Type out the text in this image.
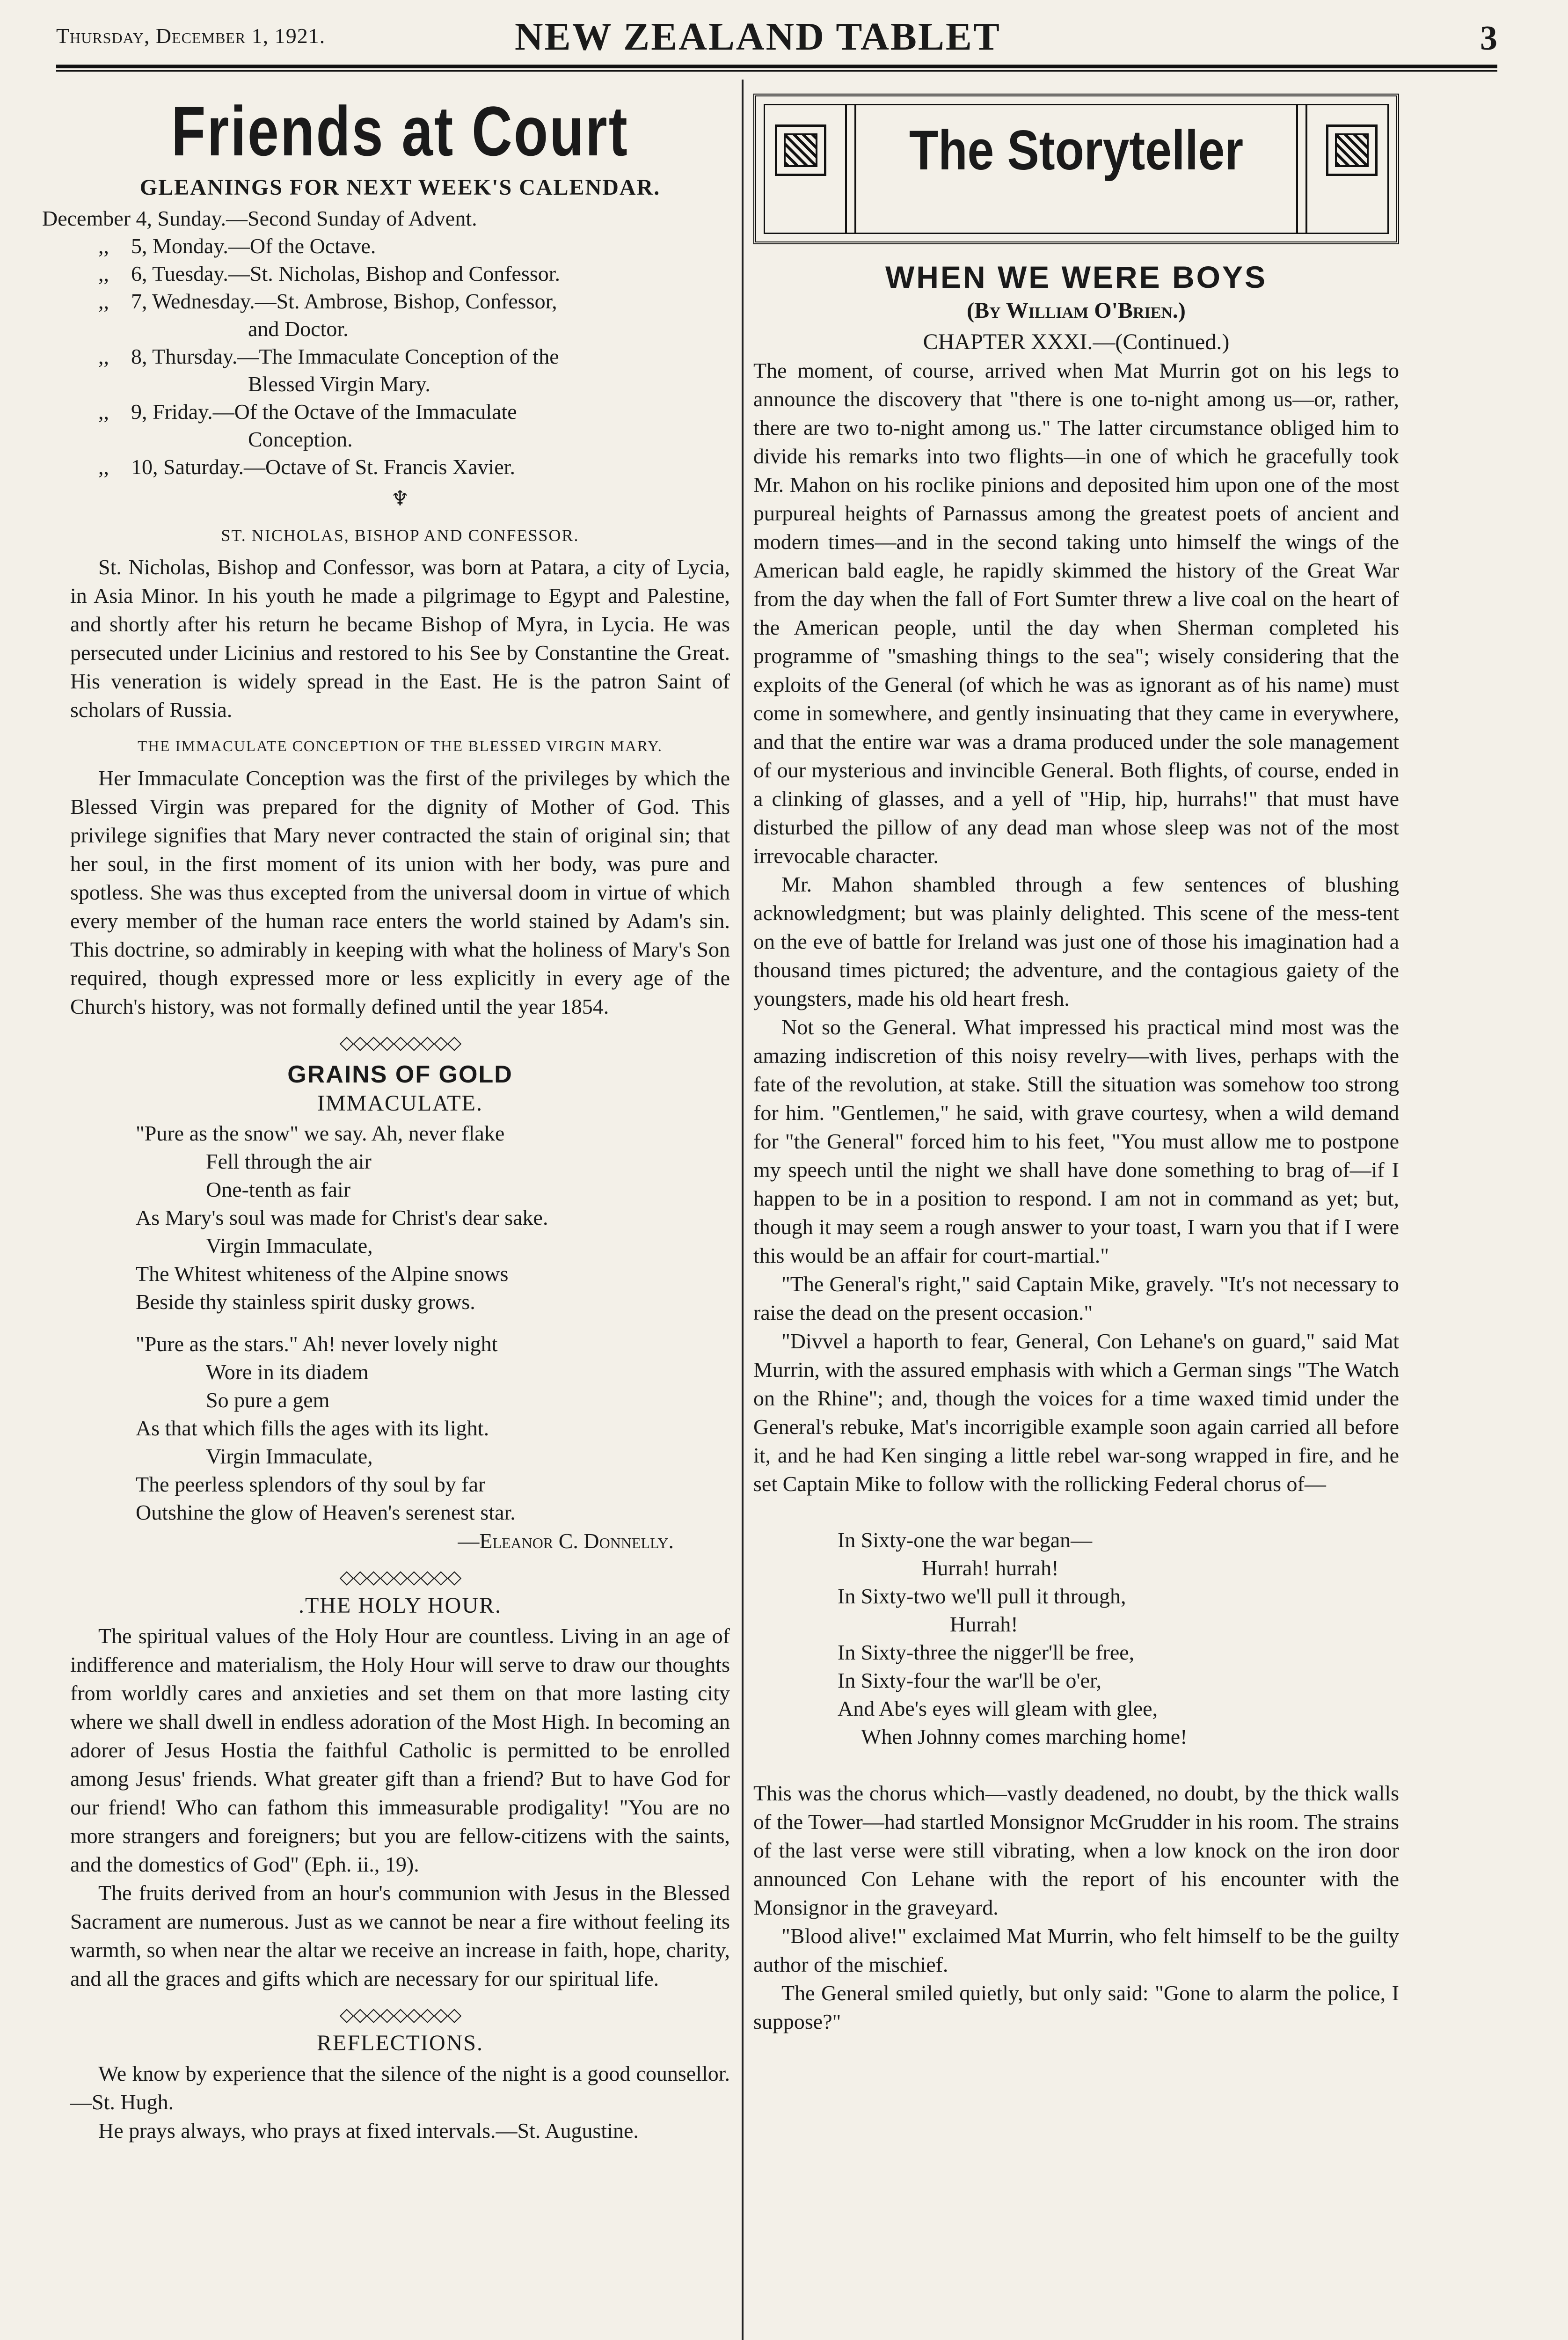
Thursday, December 1, 1921.	NEW ZEALAND TABLET	3
Friends at Court
GLEANINGS FOR NEXT WEEK'S CALENDAR.
December 4, Sunday.—Second Sunday of Advent.
,,	5, Monday.—Of the Octave.
,,	6, Tuesday.—St. Nicholas, Bishop and Confessor.
,,	7, Wednesday.—St. Ambrose, Bishop, Confessor,
and Doctor.
,,	8, Thursday.—The Immaculate Conception of the
Blessed Virgin Mary.
,,	9, Friday.—Of the Octave of the Immaculate
Conception.
,,	10, Saturday.—Octave of St. Francis Xavier.
♆
ST. NICHOLAS, BISHOP AND CONFESSOR.

St. Nicholas, Bishop and Confessor, was born at Patara, a city of Lycia, in Asia Minor. In his youth he made a pilgrimage to Egypt and Palestine, and shortly after his return he became Bishop of Myra, in Lycia. He was persecuted under Licinius and restored to his See by Constantine the Great. His veneration is widely spread in the East. He is the patron Saint of scholars of Russia.

THE IMMACULATE CONCEPTION OF THE BLESSED VIRGIN MARY.

Her Immaculate Conception was the first of the privileges by which the Blessed Virgin was prepared for the dignity of Mother of God. This privilege signifies that Mary never contracted the stain of original sin; that her soul, in the first moment of its union with her body, was pure and spotless. She was thus excepted from the universal doom in virtue of which every member of the human race enters the world stained by Adam's sin. This doctrine, so admirably in keeping with what the holiness of Mary's Son required, though expressed more or less explicitly in every age of the Church's history, was not formally defined until the year 1854.

◇◇◇◇◇◇◇◇◇
GRAINS OF GOLD
IMMACULATE.
"Pure as the snow" we say. Ah, never flake
Fell through the air
One-tenth as fair
As Mary's soul was made for Christ's dear sake.
Virgin Immaculate,
The Whitest whiteness of the Alpine snows
Beside thy stainless spirit dusky grows.
"Pure as the stars." Ah! never lovely night
Wore in its diadem
So pure a gem
As that which fills the ages with its light.
Virgin Immaculate,
The peerless splendors of thy soul by far
Outshine the glow of Heaven's serenest star.
—Eleanor C. Donnelly.
◇◇◇◇◇◇◇◇◇
.THE HOLY HOUR.

The spiritual values of the Holy Hour are countless. Living in an age of indifference and materialism, the Holy Hour will serve to draw our thoughts from worldly cares and anxieties and set them on that more lasting city where we shall dwell in endless adoration of the Most High. In becoming an adorer of Jesus Hostia the faithful Catholic is permitted to be enrolled among Jesus' friends. What greater gift than a friend? But to have God for our friend! Who can fathom this immeasurable prodigality! "You are no more strangers and foreigners; but you are fellow-citizens with the saints, and the domestics of God" (Eph. ii., 19).

The fruits derived from an hour's communion with Jesus in the Blessed Sacrament are numerous. Just as we cannot be near a fire without feeling its warmth, so when near the altar we receive an increase in faith, hope, charity, and all the graces and gifts which are necessary for our spiritual life.

◇◇◇◇◇◇◇◇◇
REFLECTIONS.

We know by experience that the silence of the night is a good counsellor.—St. Hugh.

He prays always, who prays at fixed intervals.—St. Augustine.

The Storyteller
WHEN WE WERE BOYS
(By William O'Brien.)
CHAPTER XXXI.—(Continued.)

The moment, of course, arrived when Mat Murrin got on his legs to announce the discovery that "there is one to-night among us—or, rather, there are two to-night among us." The latter circumstance obliged him to divide his remarks into two flights—in one of which he gracefully took Mr. Mahon on his roclike pinions and deposited him upon one of the most purpureal heights of Parnassus among the greatest poets of ancient and modern times—and in the second taking unto himself the wings of the American bald eagle, he rapidly skimmed the history of the Great War from the day when the fall of Fort Sumter threw a live coal on the heart of the American people, until the day when Sherman completed his programme of "smashing things to the sea"; wisely considering that the exploits of the General (of which he was as ignorant as of his name) must come in somewhere, and gently insinuating that they came in everywhere, and that the entire war was a drama produced under the sole management of our mysterious and invincible General. Both flights, of course, ended in a clinking of glasses, and a yell of "Hip, hip, hurrahs!" that must have disturbed the pillow of any dead man whose sleep was not of the most irrevocable character.

Mr. Mahon shambled through a few sentences of blushing acknowledgment; but was plainly delighted. This scene of the mess-tent on the eve of battle for Ireland was just one of those his imagination had a thousand times pictured; the adventure, and the contagious gaiety of the youngsters, made his old heart fresh.

Not so the General. What impressed his practical mind most was the amazing indiscretion of this noisy revelry—with lives, perhaps with the fate of the revolution, at stake. Still the situation was somehow too strong for him. "Gentlemen," he said, with grave courtesy, when a wild demand for "the General" forced him to his feet, "You must allow me to postpone my speech until the night we shall have done something to brag of—if I happen to be in a position to respond. I am not in command as yet; but, though it may seem a rough answer to your toast, I warn you that if I were this would be an affair for court-martial."

"The General's right," said Captain Mike, gravely. "It's not necessary to raise the dead on the present occasion."

"Divvel a haporth to fear, General, Con Lehane's on guard," said Mat Murrin, with the assured emphasis with which a German sings "The Watch on the Rhine"; and, though the voices for a time waxed timid under the General's rebuke, Mat's incorrigible example soon again carried all before it, and he had Ken singing a little rebel war-song wrapped in fire, and he set Captain Mike to follow with the rollicking Federal chorus of—

In Sixty-one the war began—
Hurrah! hurrah!
In Sixty-two we'll pull it through,
Hurrah!
In Sixty-three the nigger'll be free,
In Sixty-four the war'll be o'er,
And Abe's eyes will gleam with glee,
When Johnny comes marching home!

This was the chorus which—vastly deadened, no doubt, by the thick walls of the Tower—had startled Monsignor McGrudder in his room. The strains of the last verse were still vibrating, when a low knock on the iron door announced Con Lehane with the report of his encounter with the Monsignor in the graveyard.

"Blood alive!" exclaimed Mat Murrin, who felt himself to be the guilty author of the mischief.

The General smiled quietly, but only said: "Gone to alarm the police, I suppose?"
